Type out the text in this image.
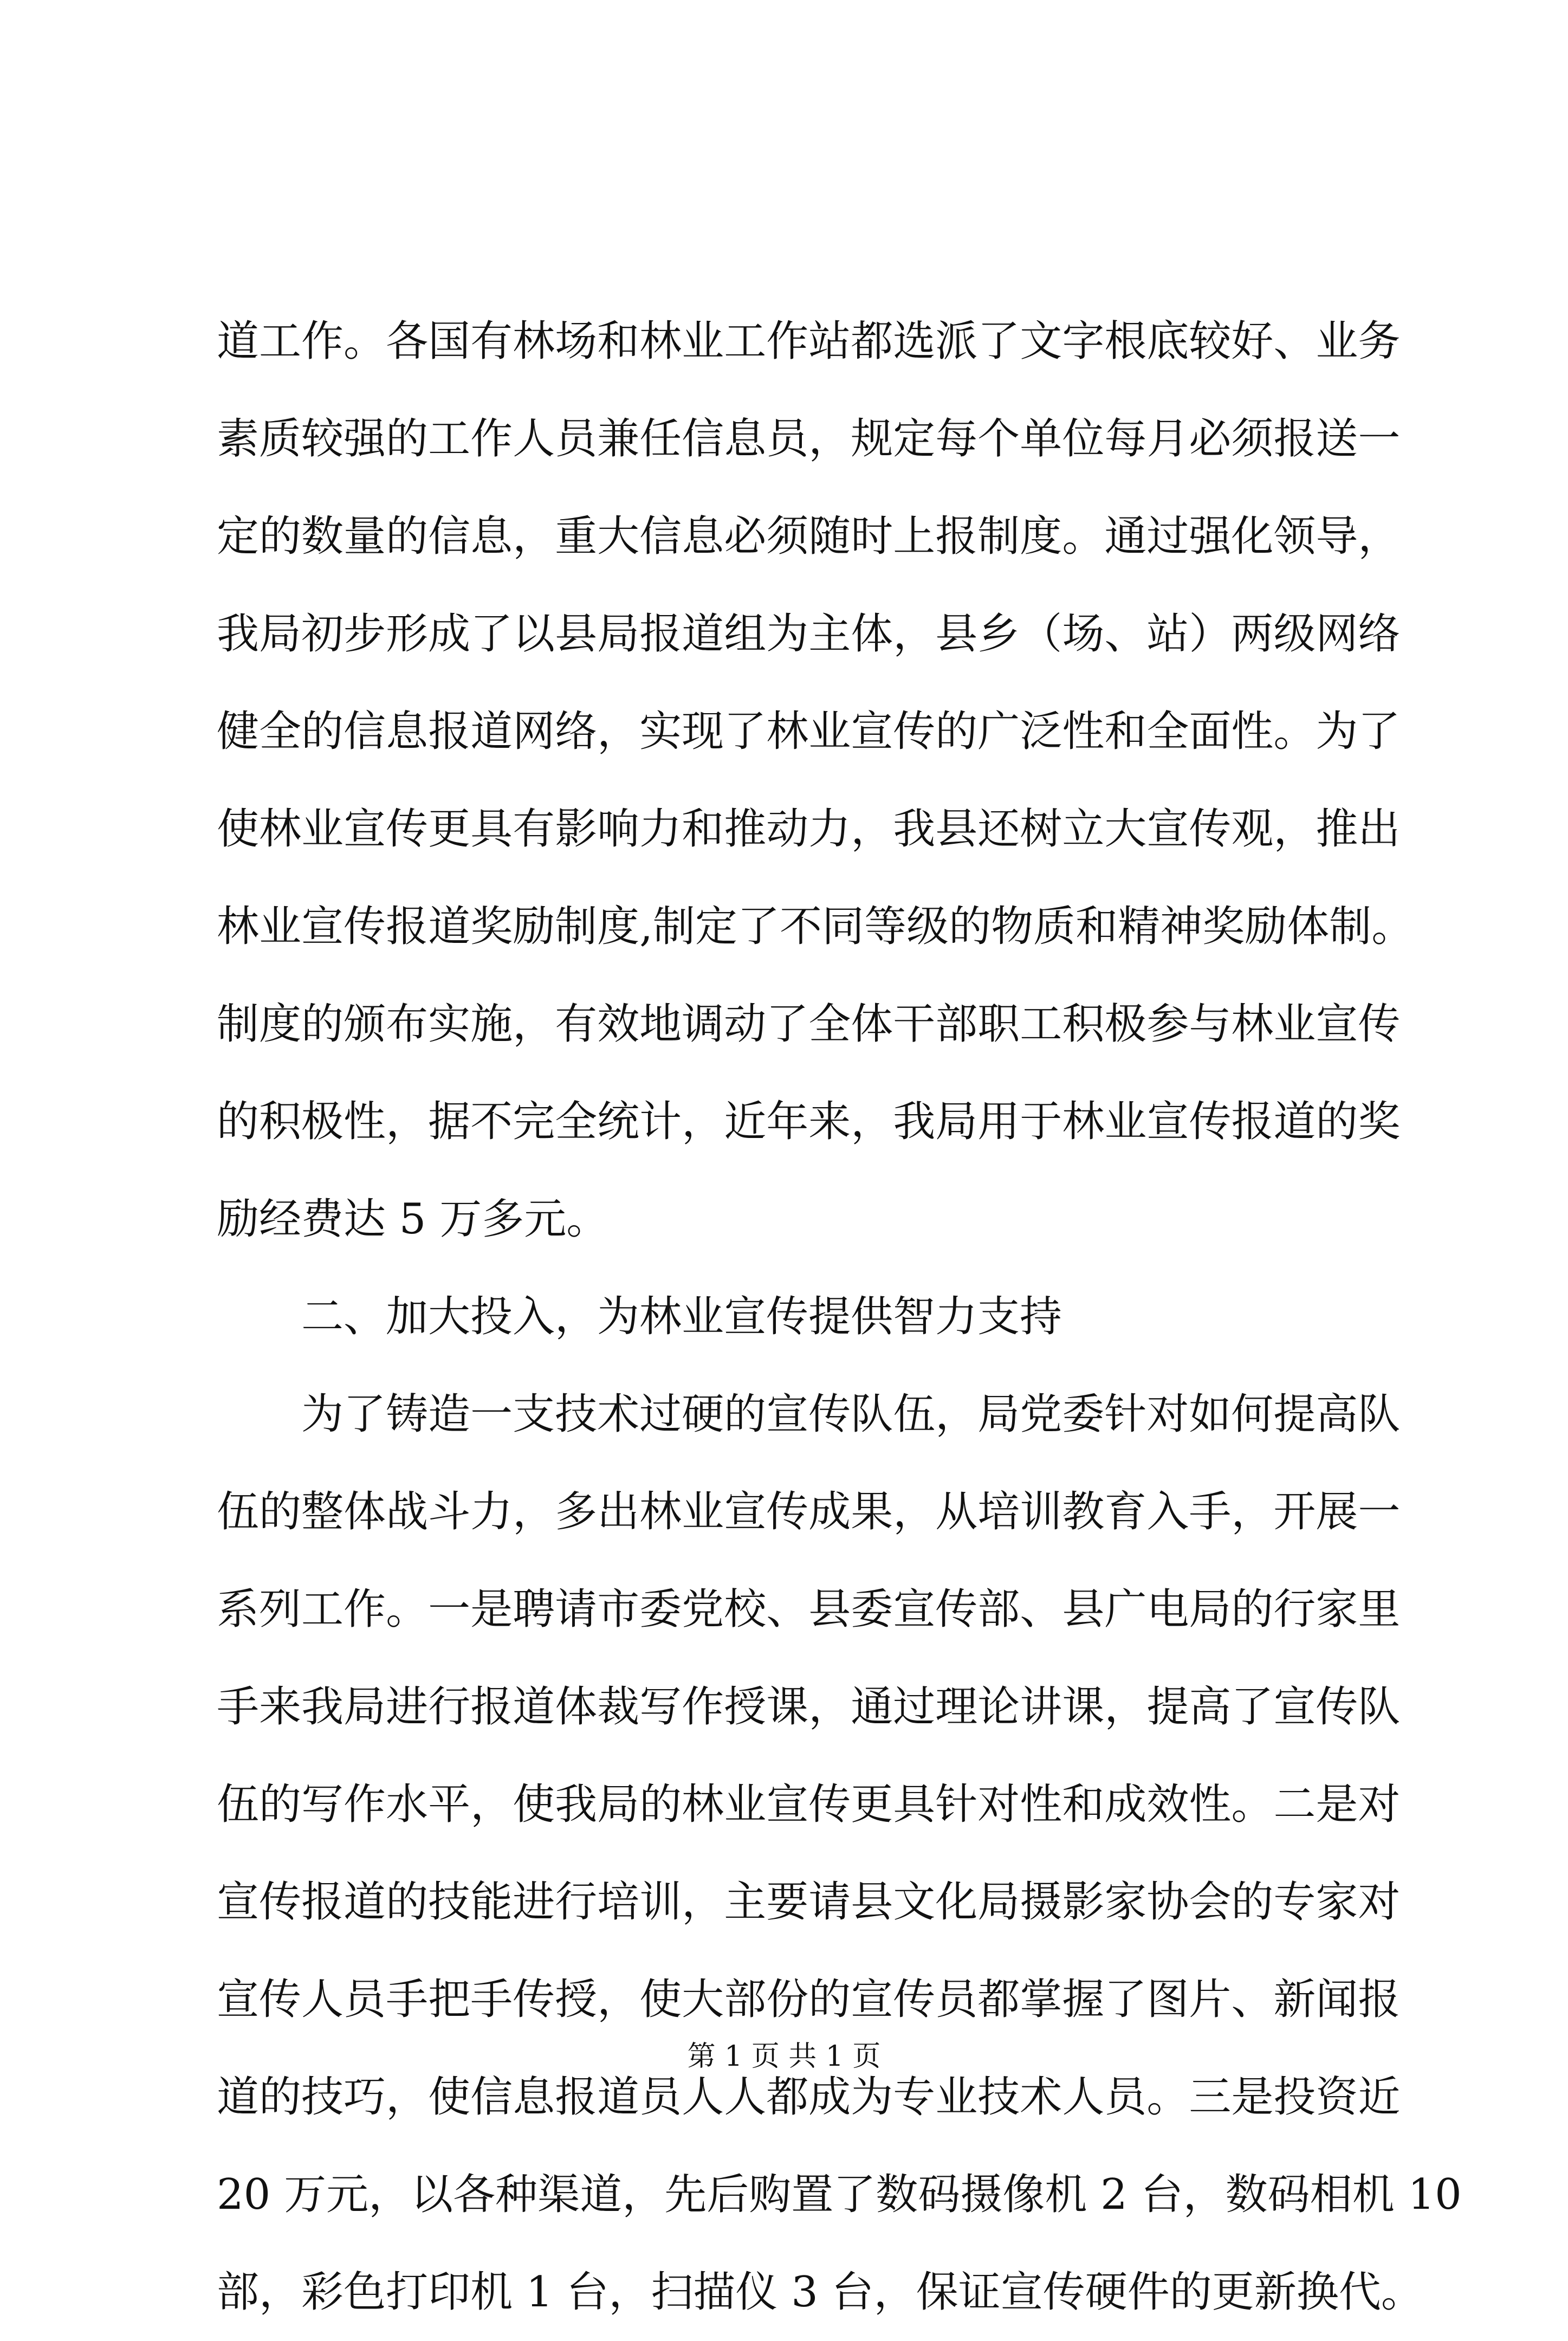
道 工 作 。 各 国 有 林 场 和 林 业 工 作 站 都 选 派 了 文 字 根 底 较 好 、 业 务
素 质 较 强 的 工 作 人 员 兼 任 信 息 员 ， 规 定 每 个 单 位 每 月 必 须 报 送 一
定 的 数 量 的 信 息 ， 重 大 信 息 必 须 随 时 上 报 制 度 。 通 过 强 化 领 导 ，
我 局 初 步 形 成 了 以 县 局 报 道 组 为 主 体 ， 县 乡 （ 场 、 站 ） 两 级 网 络
健 全 的 信 息 报 道 网 络 ， 实 现 了 林 业 宣 传 的 广 泛 性 和 全 面 性 。 为 了
使 林 业 宣 传 更 具 有 影 响 力 和 推 动 力 ， 我 县 还 树 立 大 宣 传 观 ， 推 出
林 业 宣 传 报 道 奖 励 制 度 , 制 定 了 不 同 等 级 的 物 质 和 精 神 奖 励 体 制 。
制 度 的 颁 布 实 施 ， 有 效 地 调 动 了 全 体 干 部 职 工 积 极 参 与 林 业 宣 传
的 积 极 性 ， 据 不 完 全 统 计 ， 近 年 来 ， 我 局 用 于 林 业 宣 传 报 道 的 奖
励经费达 5 万多元。
二、加大投入，为林业宣传提供智力支持
为 了 铸 造 一 支 技 术 过 硬 的 宣 传 队 伍 ， 局 党 委 针 对 如 何 提 高 队
伍 的 整 体 战 斗 力 ， 多 出 林 业 宣 传 成 果 ， 从 培 训 教 育 入 手 ， 开 展 一
系 列 工 作 。 一 是 聘 请 市 委 党 校 、 县 委 宣 传 部 、 县 广 电 局 的 行 家 里
手 来 我 局 进 行 报 道 体 裁 写 作 授 课 ， 通 过 理 论 讲 课 ， 提 高 了 宣 传 队
伍 的 写 作 水 平 ， 使 我 局 的 林 业 宣 传 更 具 针 对 性 和 成 效 性 。 二 是 对
宣 传 报 道 的 技 能 进 行 培 训 ， 主 要 请 县 文 化 局 摄 影 家 协 会 的 专 家 对
宣 传 人 员 手 把 手 传 授 ， 使 大 部 份 的 宣 传 员 都 掌 握 了 图 片 、 新 闻 报
道 的 技 巧 ， 使 信 息 报 道 员 人 人 都 成 为 专 业 技 术 人 员 。 三 是 投 资 近
2 0
万 元 ， 以 各 种 渠 道 ， 先 后 购 置 了 数 码 摄 像 机
2
台 ， 数 码 相 机
1 0
部 ， 彩 色 打 印 机
1
台 ， 扫 描 仪
3
台 ， 保 证 宣 传 硬 件 的 更 新 换 代 。
第 1 页 共 1 页
